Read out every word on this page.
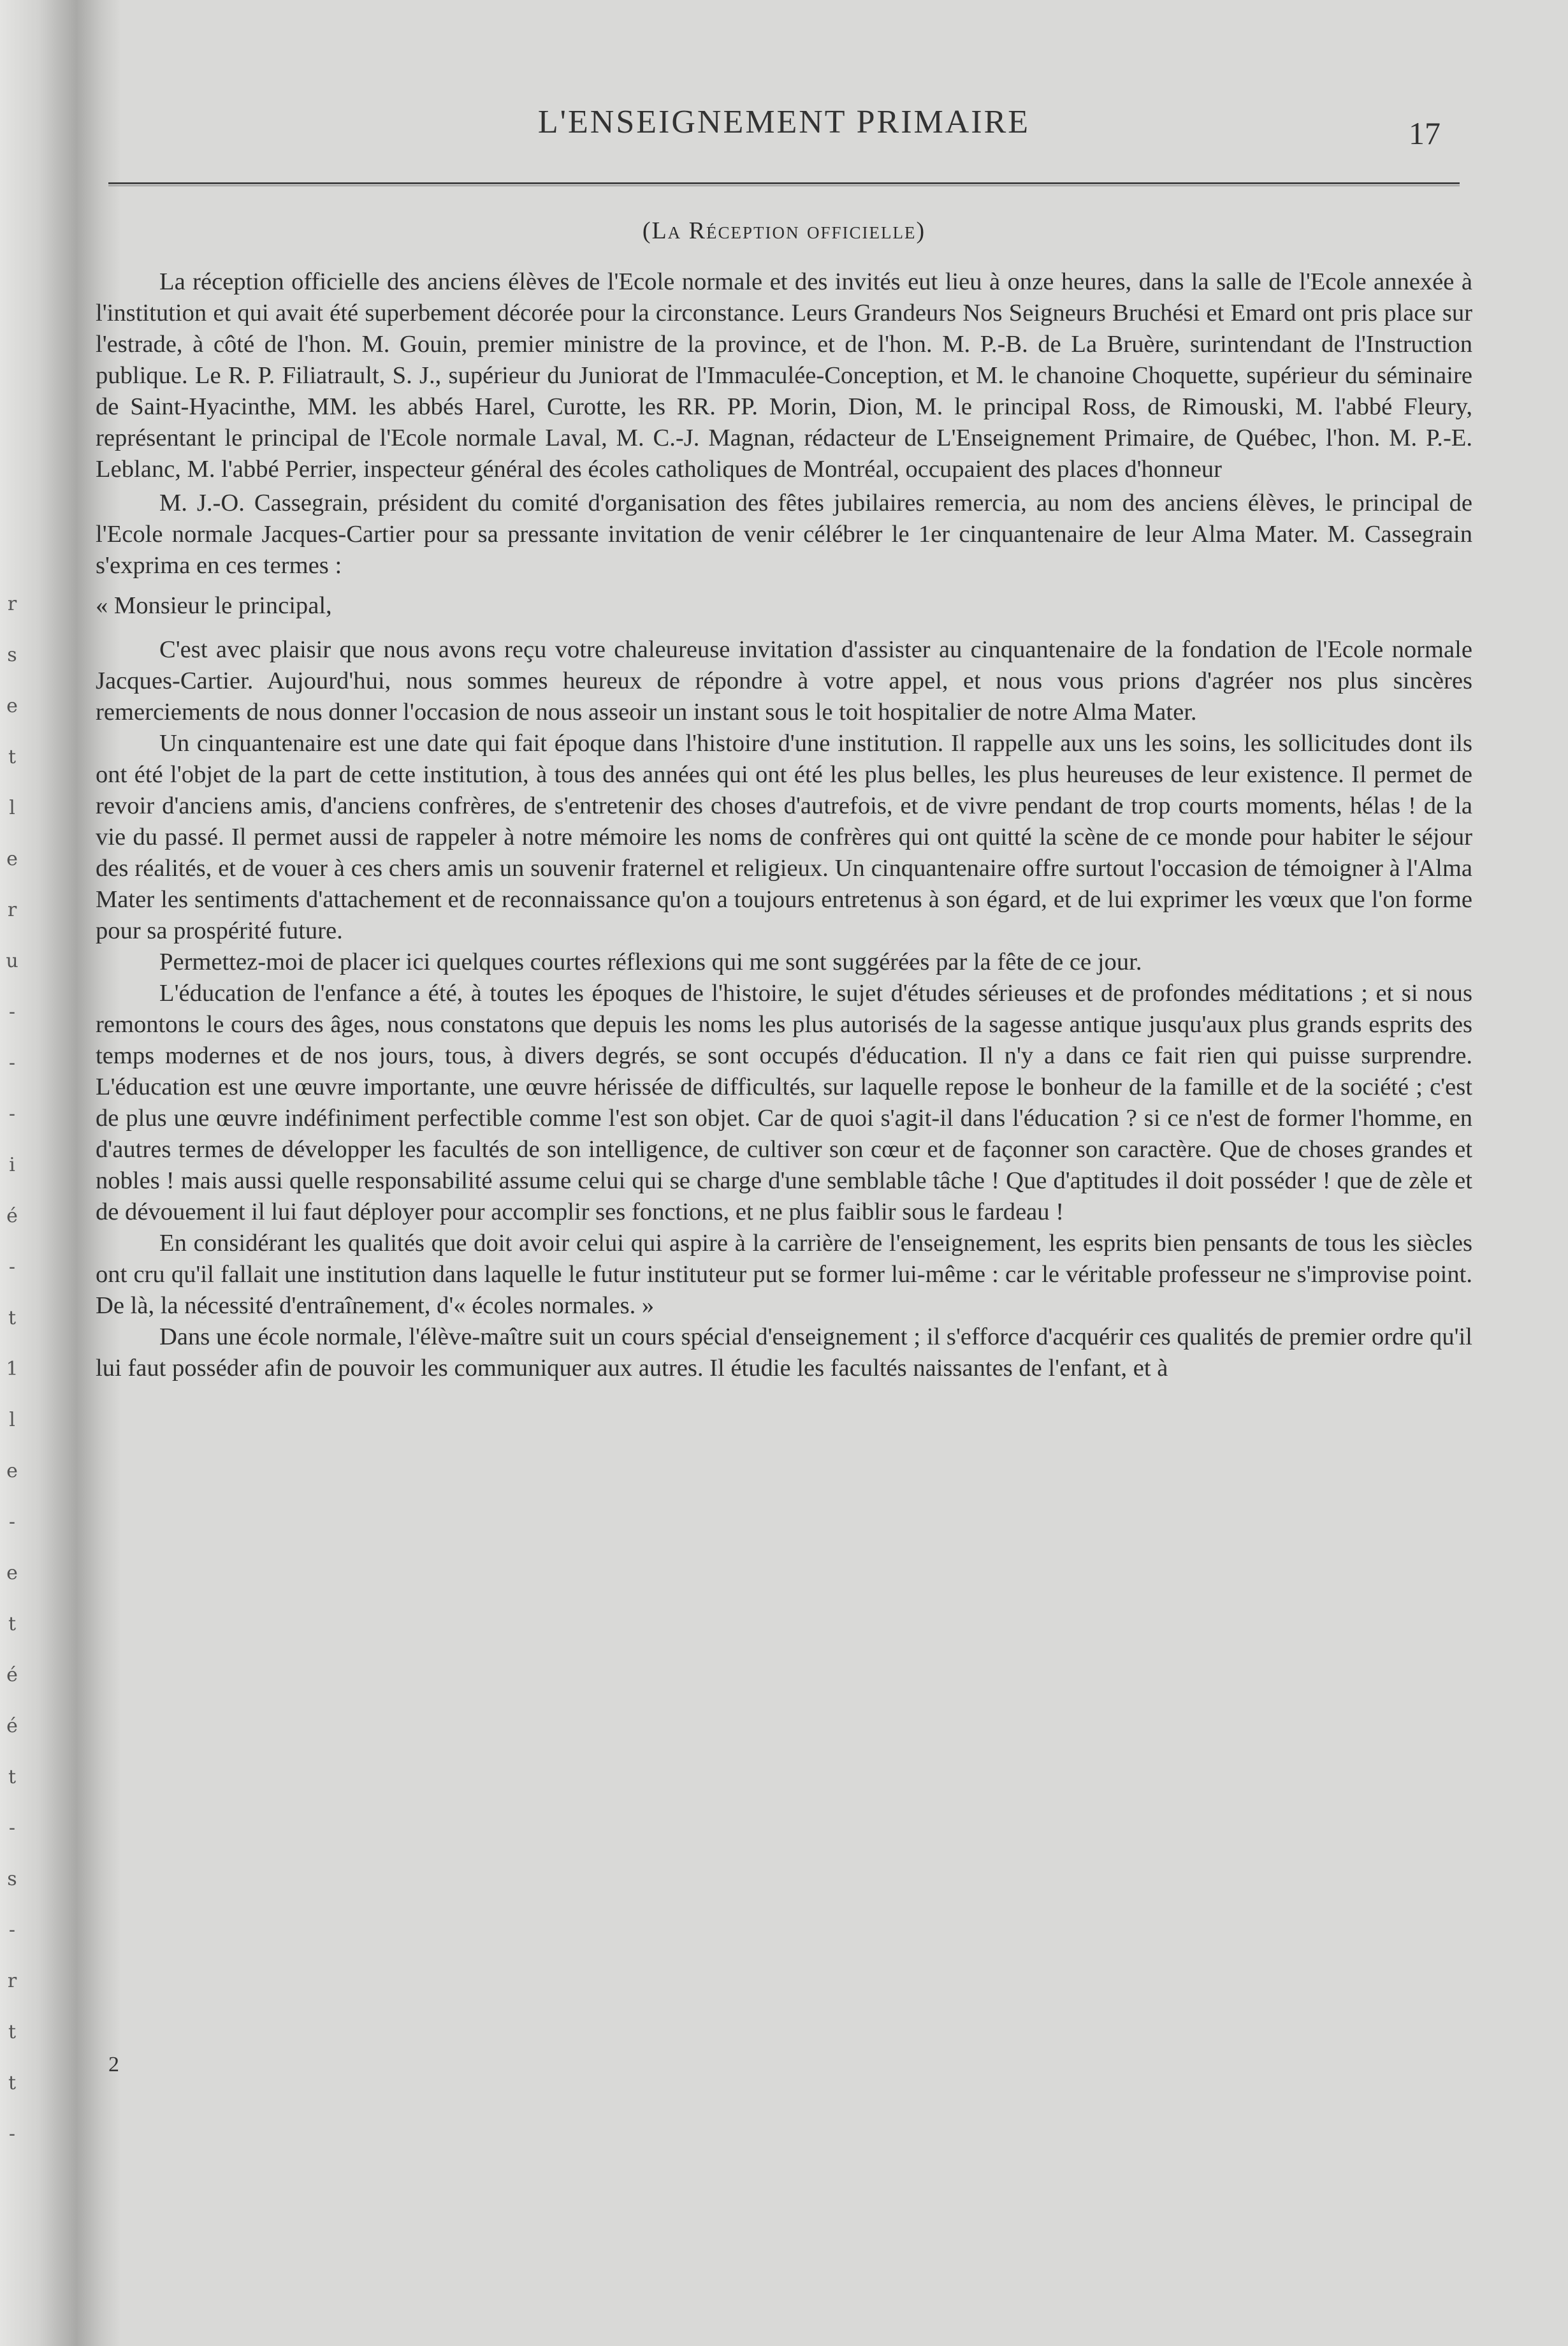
r
s
e
t
l
e
r
u
-
-
-
i
é
-
t
1
l
e
-
e
t
é
é
t
-
s
-
r
t
t
-
L'ENSEIGNEMENT PRIMAIRE	17
(La Réception officielle)

La réception officielle des anciens élèves de l'Ecole normale et des invités eut lieu à onze heures, dans la salle de l'Ecole annexée à l'institution et qui avait été superbement décorée pour la circonstance. Leurs Grandeurs Nos Seigneurs Bruchési et Emard ont pris place sur l'estrade, à côté de l'hon. M. Gouin, premier ministre de la province, et de l'hon. M. P.-B. de La Bruère, surintendant de l'Instruction publique. Le R. P. Filiatrault, S. J., supérieur du Juniorat de l'Immaculée-Conception, et M. le chanoine Choquette, supérieur du séminaire de Saint-Hyacinthe, MM. les abbés Harel, Curotte, les RR. PP. Morin, Dion, M. le principal Ross, de Rimouski, M. l'abbé Fleury, représentant le principal de l'Ecole normale Laval, M. C.-J. Magnan, rédacteur de L'Enseignement Primaire, de Québec, l'hon. M. P.-E. Leblanc, M. l'abbé Perrier, inspecteur général des écoles catholiques de Montréal, occupaient des places d'honneur

M. J.-O. Cassegrain, président du comité d'organisation des fêtes jubilaires remercia, au nom des anciens élèves, le principal de l'Ecole normale Jacques-Cartier pour sa pressante invitation de venir célébrer le 1er cinquantenaire de leur Alma Mater. M. Cassegrain s'exprima en ces termes :

« Monsieur le principal,

C'est avec plaisir que nous avons reçu votre chaleureuse invitation d'assister au cinquantenaire de la fondation de l'Ecole normale Jacques-Cartier. Aujourd'hui, nous sommes heureux de répondre à votre appel, et nous vous prions d'agréer nos plus sincères remerciements de nous donner l'occasion de nous asseoir un instant sous le toit hospitalier de notre Alma Mater.

Un cinquantenaire est une date qui fait époque dans l'histoire d'une institution. Il rappelle aux uns les soins, les sollicitudes dont ils ont été l'objet de la part de cette institution, à tous des années qui ont été les plus belles, les plus heureuses de leur existence. Il permet de revoir d'anciens amis, d'anciens confrères, de s'entretenir des choses d'autrefois, et de vivre pendant de trop courts moments, hélas ! de la vie du passé. Il permet aussi de rappeler à notre mémoire les noms de confrères qui ont quitté la scène de ce monde pour habiter le séjour des réalités, et de vouer à ces chers amis un souvenir fraternel et religieux. Un cinquantenaire offre surtout l'occasion de témoigner à l'Alma Mater les sentiments d'attachement et de reconnaissance qu'on a toujours entretenus à son égard, et de lui exprimer les vœux que l'on forme pour sa prospérité future.

Permettez-moi de placer ici quelques courtes réflexions qui me sont suggérées par la fête de ce jour.

L'éducation de l'enfance a été, à toutes les époques de l'histoire, le sujet d'études sérieuses et de profondes méditations ; et si nous remontons le cours des âges, nous constatons que depuis les noms les plus autorisés de la sagesse antique jusqu'aux plus grands esprits des temps modernes et de nos jours, tous, à divers degrés, se sont occupés d'éducation. Il n'y a dans ce fait rien qui puisse surprendre. L'éducation est une œuvre importante, une œuvre hérissée de difficultés, sur laquelle repose le bonheur de la famille et de la société ; c'est de plus une œuvre indéfiniment perfectible comme l'est son objet. Car de quoi s'agit-il dans l'éducation ? si ce n'est de former l'homme, en d'autres termes de développer les facultés de son intelligence, de cultiver son cœur et de façonner son caractère. Que de choses grandes et nobles ! mais aussi quelle responsabilité assume celui qui se charge d'une semblable tâche ! Que d'aptitudes il doit posséder ! que de zèle et de dévouement il lui faut déployer pour accomplir ses fonctions, et ne plus faiblir sous le fardeau !

En considérant les qualités que doit avoir celui qui aspire à la carrière de l'enseignement, les esprits bien pensants de tous les siècles ont cru qu'il fallait une institution dans laquelle le futur instituteur put se former lui-même : car le véritable professeur ne s'improvise point. De là, la nécessité d'entraînement, d'« écoles normales. »

Dans une école normale, l'élève-maître suit un cours spécial d'enseignement ; il s'efforce d'acquérir ces qualités de premier ordre qu'il lui faut posséder afin de pouvoir les communiquer aux autres. Il étudie les facultés naissantes de l'enfant, et à

2
